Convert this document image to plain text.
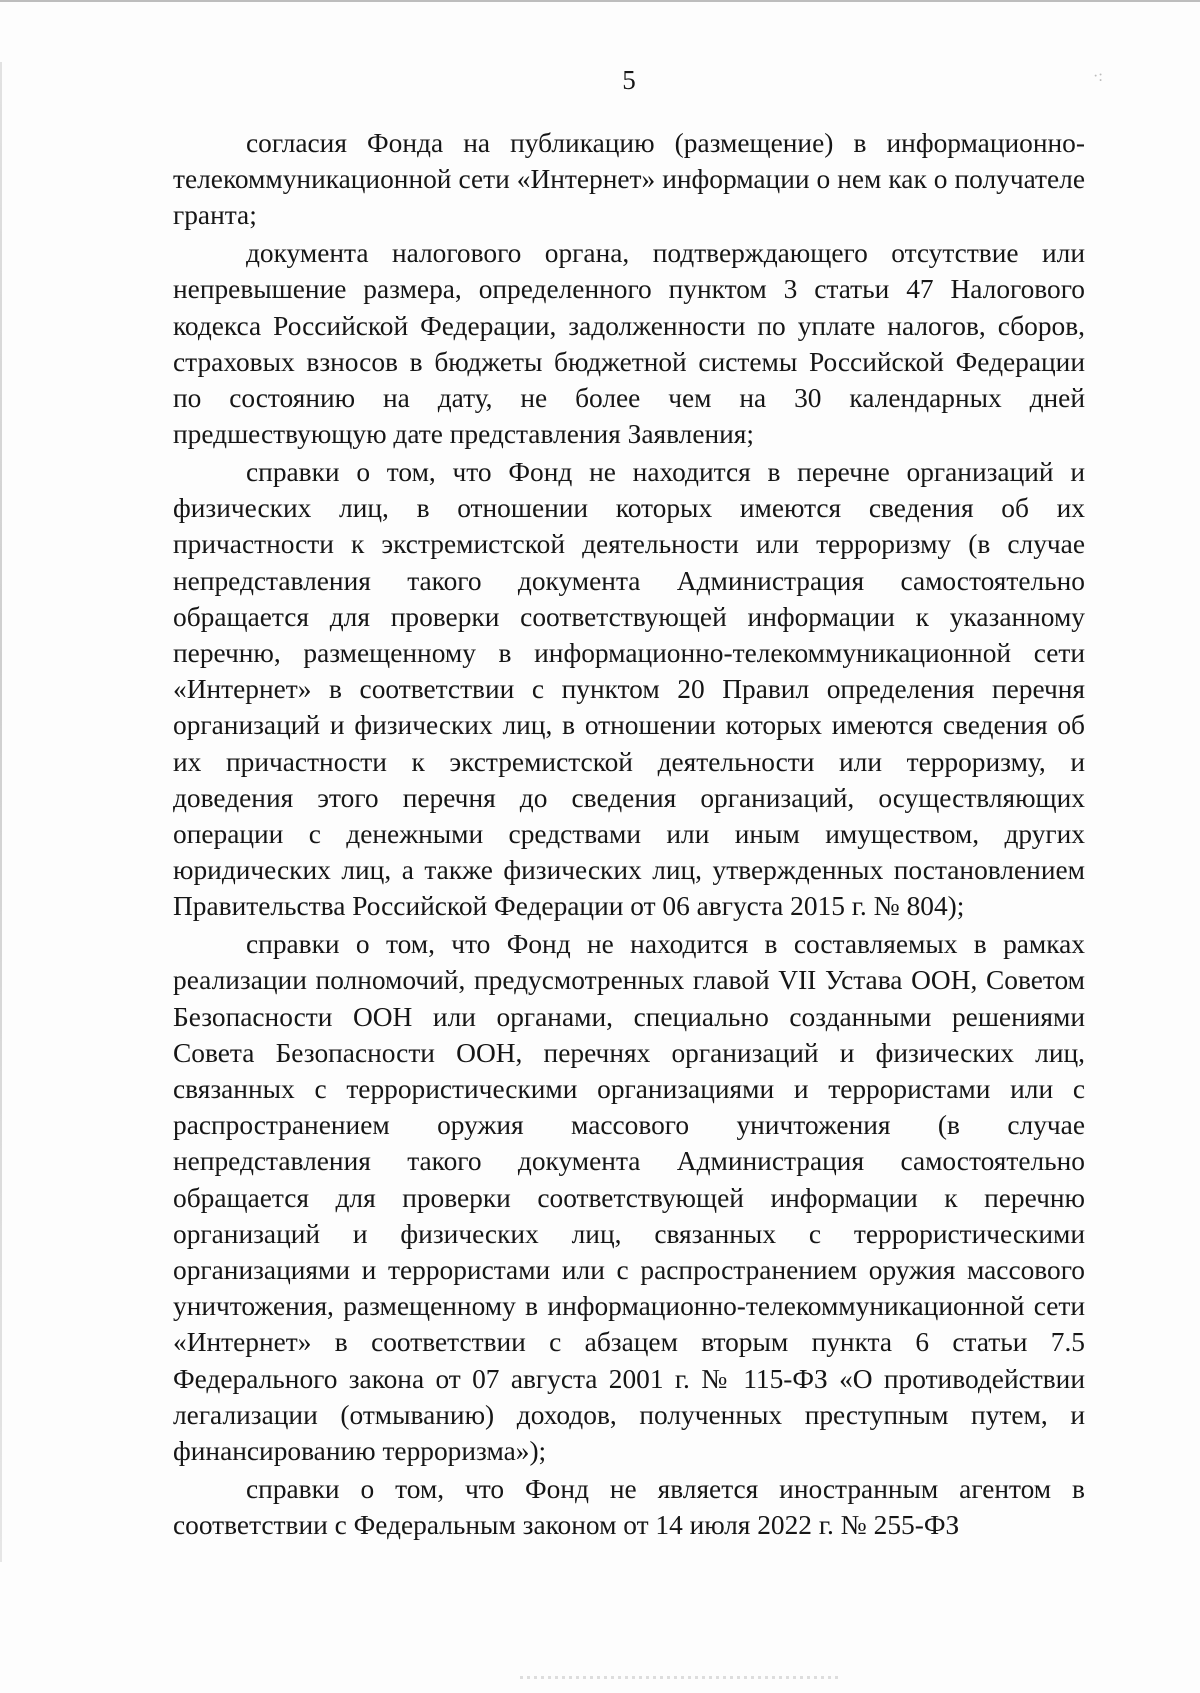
5	·:

согласия Фонда на публикацию (размещение) в информационно-телекоммуникационной сети «Интернет» информации о нем как о получателе гранта;

документа налогового органа, подтверждающего отсутствие или непревышение размера, определенного пунктом 3 статьи 47 Налогового кодекса Российской Федерации, задолженности по уплате налогов, сборов, страховых взносов в бюджеты бюджетной системы Российской Федерации по состоянию на дату, не более чем на 30 календарных дней предшествующую дате представления Заявления;

справки о том, что Фонд не находится в перечне организаций и физических лиц, в отношении которых имеются сведения об их причастности к экстремистской деятельности или терроризму (в случае непредставления такого документа Администрация самостоятельно обращается для проверки соответствующей информации к указанному перечню, размещенному в информационно-телекоммуникационной сети «Интернет» в соответствии с пунктом 20 Правил определения перечня организаций и физических лиц, в отношении которых имеются сведения об их причастности к экстремистской деятельности или терроризму, и доведения этого перечня до сведения организаций, осуществляющих операции с денежными средствами или иным имуществом, других юридических лиц, а также физических лиц, утвержденных постановлением Правительства Российской Федерации от 06 августа 2015 г. № 804);

справки о том, что Фонд не находится в составляемых в рамках реализации полномочий, предусмотренных главой VII Устава ООН, Советом Безопасности ООН или органами, специально созданными решениями Совета Безопасности ООН, перечнях организаций и физических лиц, связанных с террористическими организациями и террористами или с распространением оружия массового уничтожения (в случае непредставления такого документа Администрация самостоятельно обращается для проверки соответствующей информации к перечню организаций и физических лиц, связанных с террористическими организациями и террористами или с распространением оружия массового уничтожения, размещенному в информационно-телекоммуникационной сети «Интернет» в соответствии с абзацем вторым пункта 6 статьи 7.5 Федерального закона от 07 августа 2001 г. № 115-ФЗ «О противодействии легализации (отмыванию) доходов, полученных преступным путем, и финансированию терроризма»);

справки о том, что Фонд не является иностранным агентом в соответствии с Федеральным законом от 14 июля 2022 г. № 255-ФЗ
